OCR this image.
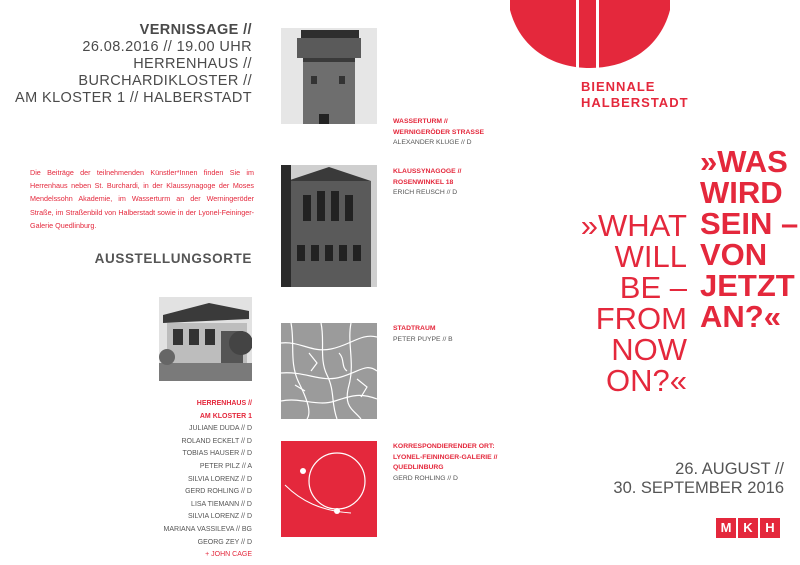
VERNISSAGE //
26.08.2016 // 19.00 UHR
HERRENHAUS //
BURCHARDIKLOSTER //
AM KLOSTER 1 // HALBERSTADT
Die Beiträge der teilnehmenden Künstler*Innen finden Sie im Herrenhaus neben St. Burchardi, in der Klaussynagoge der Moses Mendelssohn Akademie, im Wasserturm an der Werningeröder Straße, im Straßenbild von Halberstadt sowie in der Lyonel-Feininger-Galerie Quedlinburg.
AUSSTELLUNGSORTE
HERRENHAUS //
AM KLOSTER 1
JULIANE DUDA // D
ROLAND ECKELT // D
TOBIAS HAUSER // D
PETER PILZ // A
SILVIA LORENZ // D
GERD ROHLING // D
LISA TIEMANN // D
SILVIA LORENZ // D
MARIANA VASSILEVA // BG
GEORG ZEY // D
+ JOHN CAGE
WASSERTURM //
WERNIGERÖDER STRASSE
ALEXANDER KLUGE // D
KLAUSSYNAGOGE //
ROSENWINKEL 18
ERICH REUSCH // D
STADTRAUM
PETER PUYPE // B
KORRESPONDIERENDER ORT:
LYONEL-FEININGER-GALERIE //
QUEDLINBURG
GERD ROHLING // D
BIENNALE
HALBERSTADT
»WAS
WIRD
SEIN –
VON
JETZT
AN?«
»WHAT
WILL
BE –
FROM
NOW
ON?«
26. AUGUST //
30. SEPTEMBER 2016
M K H
